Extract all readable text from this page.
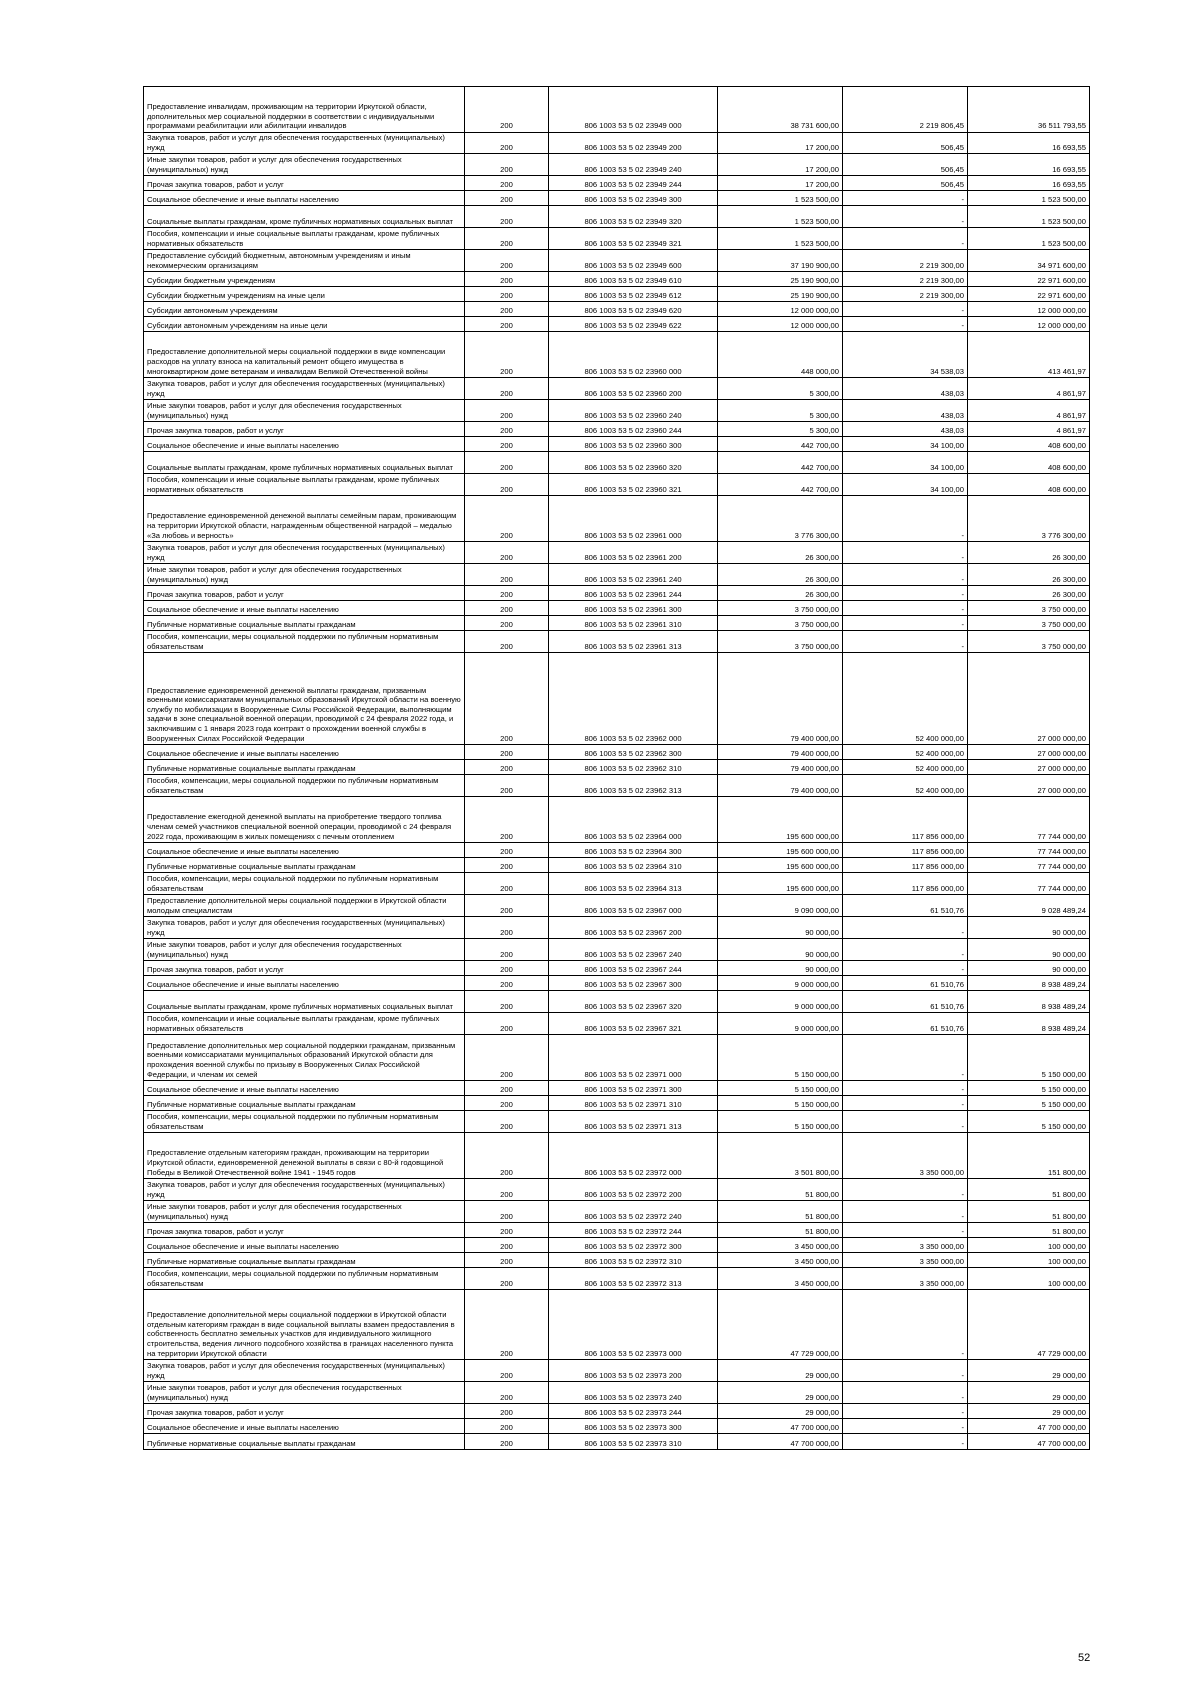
Предоставление инвалидам, проживающим на территории Иркутской области, дополнительных мер социальной поддержки в соответствии с индивидуальными программами реабилитации или абилитации инвалидов	200	806 1003 53 5 02 23949 000	38 731 600,00	2 219 806,45	36 511 793,55
Закупка товаров, работ и услуг для обеспечения государственных (муниципальных) нужд	200	806 1003 53 5 02 23949 200	17 200,00	506,45	16 693,55
Иные закупки товаров, работ и услуг для обеспечения государственных (муниципальных) нужд	200	806 1003 53 5 02 23949 240	17 200,00	506,45	16 693,55
Прочая закупка товаров, работ и услуг	200	806 1003 53 5 02 23949 244	17 200,00	506,45	16 693,55
Социальное обеспечение и иные выплаты населению	200	806 1003 53 5 02 23949 300	1 523 500,00	-	1 523 500,00
Социальные выплаты гражданам, кроме публичных нормативных социальных выплат	200	806 1003 53 5 02 23949 320	1 523 500,00	-	1 523 500,00
Пособия, компенсации и иные социальные выплаты гражданам, кроме публичных нормативных обязательств	200	806 1003 53 5 02 23949 321	1 523 500,00	-	1 523 500,00
Предоставление субсидий бюджетным, автономным учреждениям и иным некоммерческим организациям	200	806 1003 53 5 02 23949 600	37 190 900,00	2 219 300,00	34 971 600,00
Субсидии бюджетным учреждениям	200	806 1003 53 5 02 23949 610	25 190 900,00	2 219 300,00	22 971 600,00
Субсидии бюджетным учреждениям на иные цели	200	806 1003 53 5 02 23949 612	25 190 900,00	2 219 300,00	22 971 600,00
Субсидии автономным учреждениям	200	806 1003 53 5 02 23949 620	12 000 000,00	-	12 000 000,00
Субсидии автономным учреждениям на иные цели	200	806 1003 53 5 02 23949 622	12 000 000,00	-	12 000 000,00
Предоставление дополнительной меры социальной поддержки в виде компенсации расходов на уплату взноса на капитальный ремонт общего имущества в многоквартирном доме ветеранам и инвалидам Великой Отечественной войны	200	806 1003 53 5 02 23960 000	448 000,00	34 538,03	413 461,97
Закупка товаров, работ и услуг для обеспечения государственных (муниципальных) нужд	200	806 1003 53 5 02 23960 200	5 300,00	438,03	4 861,97
Иные закупки товаров, работ и услуг для обеспечения государственных (муниципальных) нужд	200	806 1003 53 5 02 23960 240	5 300,00	438,03	4 861,97
Прочая закупка товаров, работ и услуг	200	806 1003 53 5 02 23960 244	5 300,00	438,03	4 861,97
Социальное обеспечение и иные выплаты населению	200	806 1003 53 5 02 23960 300	442 700,00	34 100,00	408 600,00
Социальные выплаты гражданам, кроме публичных нормативных социальных выплат	200	806 1003 53 5 02 23960 320	442 700,00	34 100,00	408 600,00
Пособия, компенсации и иные социальные выплаты гражданам, кроме публичных нормативных обязательств	200	806 1003 53 5 02 23960 321	442 700,00	34 100,00	408 600,00
Предоставление единовременной денежной выплаты семейным парам, проживающим на территории Иркутской области, награжденным общественной наградой – медалью «За любовь и верность»	200	806 1003 53 5 02 23961 000	3 776 300,00	-	3 776 300,00
Закупка товаров, работ и услуг для обеспечения государственных (муниципальных) нужд	200	806 1003 53 5 02 23961 200	26 300,00	-	26 300,00
Иные закупки товаров, работ и услуг для обеспечения государственных (муниципальных) нужд	200	806 1003 53 5 02 23961 240	26 300,00	-	26 300,00
Прочая закупка товаров, работ и услуг	200	806 1003 53 5 02 23961 244	26 300,00	-	26 300,00
Социальное обеспечение и иные выплаты населению	200	806 1003 53 5 02 23961 300	3 750 000,00	-	3 750 000,00
Публичные нормативные социальные выплаты гражданам	200	806 1003 53 5 02 23961 310	3 750 000,00	-	3 750 000,00
Пособия, компенсации, меры социальной поддержки по публичным нормативным обязательствам	200	806 1003 53 5 02 23961 313	3 750 000,00	-	3 750 000,00
Предоставление единовременной денежной выплаты гражданам, призванным военными комиссариатами муниципальных образований Иркутской области на военную службу по мобилизации в Вооруженные Силы Российской Федерации, выполняющим задачи в зоне специальной военной операции, проводимой с 24 февраля 2022 года, и заключившим с 1 января 2023 года контракт о прохождении военной службы в Вооруженных Силах Российской Федерации	200	806 1003 53 5 02 23962 000	79 400 000,00	52 400 000,00	27 000 000,00
Социальное обеспечение и иные выплаты населению	200	806 1003 53 5 02 23962 300	79 400 000,00	52 400 000,00	27 000 000,00
Публичные нормативные социальные выплаты гражданам	200	806 1003 53 5 02 23962 310	79 400 000,00	52 400 000,00	27 000 000,00
Пособия, компенсации, меры социальной поддержки по публичным нормативным обязательствам	200	806 1003 53 5 02 23962 313	79 400 000,00	52 400 000,00	27 000 000,00
Предоставление ежегодной денежной выплаты на приобретение твердого топлива членам семей участников специальной военной операции, проводимой с 24 февраля 2022 года, проживающим в жилых помещениях с печным отоплением	200	806 1003 53 5 02 23964 000	195 600 000,00	117 856 000,00	77 744 000,00
Социальное обеспечение и иные выплаты населению	200	806 1003 53 5 02 23964 300	195 600 000,00	117 856 000,00	77 744 000,00
Публичные нормативные социальные выплаты гражданам	200	806 1003 53 5 02 23964 310	195 600 000,00	117 856 000,00	77 744 000,00
Пособия, компенсации, меры социальной поддержки по публичным нормативным обязательствам	200	806 1003 53 5 02 23964 313	195 600 000,00	117 856 000,00	77 744 000,00
Предоставление дополнительной меры социальной поддержки в Иркутской области молодым специалистам	200	806 1003 53 5 02 23967 000	9 090 000,00	61 510,76	9 028 489,24
Закупка товаров, работ и услуг для обеспечения государственных (муниципальных) нужд	200	806 1003 53 5 02 23967 200	90 000,00	-	90 000,00
Иные закупки товаров, работ и услуг для обеспечения государственных (муниципальных) нужд	200	806 1003 53 5 02 23967 240	90 000,00	-	90 000,00
Прочая закупка товаров, работ и услуг	200	806 1003 53 5 02 23967 244	90 000,00	-	90 000,00
Социальное обеспечение и иные выплаты населению	200	806 1003 53 5 02 23967 300	9 000 000,00	61 510,76	8 938 489,24
Социальные выплаты гражданам, кроме публичных нормативных социальных выплат	200	806 1003 53 5 02 23967 320	9 000 000,00	61 510,76	8 938 489,24
Пособия, компенсации и иные социальные выплаты гражданам, кроме публичных нормативных обязательств	200	806 1003 53 5 02 23967 321	9 000 000,00	61 510,76	8 938 489,24
Предоставление дополнительных мер социальной поддержки гражданам, призванным военными комиссариатами муниципальных образований Иркутской области для прохождения военной службы по призыву в Вооруженных Силах Российской Федерации, и членам их семей	200	806 1003 53 5 02 23971 000	5 150 000,00	-	5 150 000,00
Социальное обеспечение и иные выплаты населению	200	806 1003 53 5 02 23971 300	5 150 000,00	-	5 150 000,00
Публичные нормативные социальные выплаты гражданам	200	806 1003 53 5 02 23971 310	5 150 000,00	-	5 150 000,00
Пособия, компенсации, меры социальной поддержки по публичным нормативным обязательствам	200	806 1003 53 5 02 23971 313	5 150 000,00	-	5 150 000,00
Предоставление отдельным категориям граждан, проживающим на территории Иркутской области, единовременной денежной выплаты в связи с 80-й годовщиной Победы в Великой Отечественной войне 1941 - 1945 годов	200	806 1003 53 5 02 23972 000	3 501 800,00	3 350 000,00	151 800,00
Закупка товаров, работ и услуг для обеспечения государственных (муниципальных) нужд	200	806 1003 53 5 02 23972 200	51 800,00	-	51 800,00
Иные закупки товаров, работ и услуг для обеспечения государственных (муниципальных) нужд	200	806 1003 53 5 02 23972 240	51 800,00	-	51 800,00
Прочая закупка товаров, работ и услуг	200	806 1003 53 5 02 23972 244	51 800,00	-	51 800,00
Социальное обеспечение и иные выплаты населению	200	806 1003 53 5 02 23972 300	3 450 000,00	3 350 000,00	100 000,00
Публичные нормативные социальные выплаты гражданам	200	806 1003 53 5 02 23972 310	3 450 000,00	3 350 000,00	100 000,00
Пособия, компенсации, меры социальной поддержки по публичным нормативным обязательствам	200	806 1003 53 5 02 23972 313	3 450 000,00	3 350 000,00	100 000,00
Предоставление дополнительной меры социальной поддержки в Иркутской области отдельным категориям граждан в виде социальной выплаты взамен предоставления в собственность бесплатно земельных участков для индивидуального жилищного строительства, ведения личного подсобного хозяйства в границах населенного пункта на территории Иркутской области	200	806 1003 53 5 02 23973 000	47 729 000,00	-	47 729 000,00
Закупка товаров, работ и услуг для обеспечения государственных (муниципальных) нужд	200	806 1003 53 5 02 23973 200	29 000,00	-	29 000,00
Иные закупки товаров, работ и услуг для обеспечения государственных (муниципальных) нужд	200	806 1003 53 5 02 23973 240	29 000,00	-	29 000,00
Прочая закупка товаров, работ и услуг	200	806 1003 53 5 02 23973 244	29 000,00	-	29 000,00
Социальное обеспечение и иные выплаты населению	200	806 1003 53 5 02 23973 300	47 700 000,00	-	47 700 000,00
Публичные нормативные социальные выплаты гражданам	200	806 1003 53 5 02 23973 310	47 700 000,00	-	47 700 000,00
52
